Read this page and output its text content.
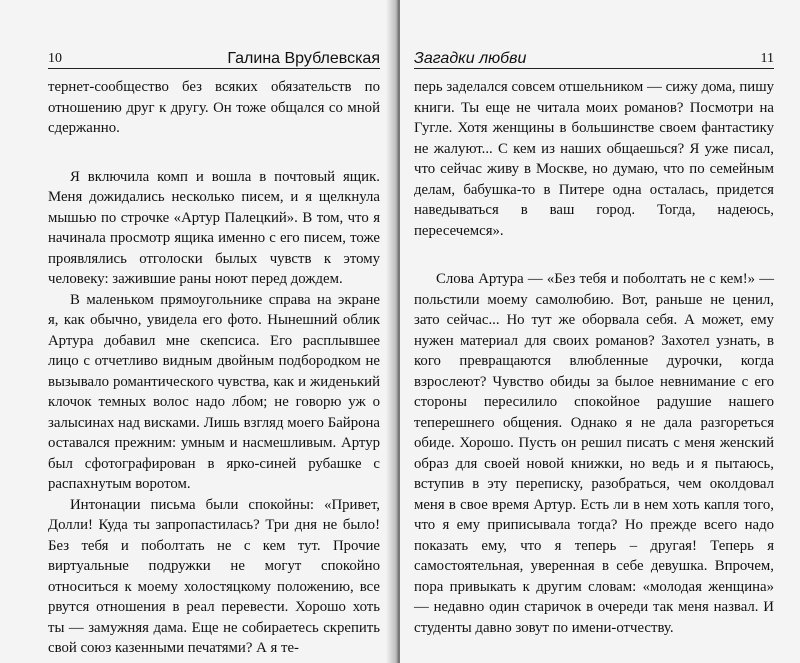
10	Галина Врублевская

тернет-сообщество без всяких обязательств по отношению друг к другу. Он тоже общался со мной сдержанно.

Я включила комп и вошла в почтовый ящик. Меня дожидались несколько писем, и я щелкнула мышью по строчке «Артур Палецкий». В том, что я начинала просмотр ящика именно с его писем, тоже проявлялись отголоски былых чувств к этому человеку: зажившие раны ноют перед дождем.

В маленьком прямоугольнике справа на экране я, как обычно, увидела его фото. Нынешний облик Артура добавил мне скепсиса. Его расплывшее лицо с отчетливо видным двойным подбородком не вызывало романтического чувства, как и жиденький клочок темных волос надо лбом; не говорю уж о залысинах над висками. Лишь взгляд моего Байрона оставался прежним: умным и насмешливым. Артур был сфотографирован в ярко-синей рубашке с распахнутым воротом.

Интонации письма были спокойны: «Привет, Долли! Куда ты запропастилась? Три дня не было! Без тебя и поболтать не с кем тут. Прочие виртуальные подружки не могут спокойно относиться к моему холостяцкому положению, все рвутся отношения в реал перевести. Хорошо хоть ты — замужняя дама. Еще не собираетесь скрепить свой союз казенными печатями? А я те-

Загадки любви	11

перь заделался совсем отшельником — сижу дома, пишу книги. Ты еще не читала моих романов? Посмотри на Гугле. Хотя женщины в большинстве своем фантастику не жалуют... С кем из наших общаешься? Я уже писал, что сейчас живу в Москве, но думаю, что по семейным делам, бабушка-то в Питере одна осталась, придется наведываться в ваш город. Тогда, надеюсь, пересечемся».

Слова Артура — «Без тебя и поболтать не с кем!» — польстили моему самолюбию. Вот, раньше не ценил, зато сейчас... Но тут же оборвала себя. А может, ему нужен материал для своих романов? Захотел узнать, в кого превращаются влюбленные дурочки, когда взрослеют? Чувство обиды за былое невнимание с его стороны пересилило спокойное радушие нашего теперешнего общения. Однако я не дала разгореться обиде. Хорошо. Пусть он решил писать с меня женский образ для своей новой книжки, но ведь и я пытаюсь, вступив в эту переписку, разобраться, чем околдовал меня в свое время Артур. Есть ли в нем хоть капля того, что я ему приписывала тогда? Но прежде всего надо показать ему, что я теперь – другая! Теперь я самостоятельная, уверенная в себе девушка. Впрочем, пора привыкать к другим словам: «молодая женщина» — недавно один старичок в очереди так меня назвал. И студенты давно зовут по имени-отчеству.
